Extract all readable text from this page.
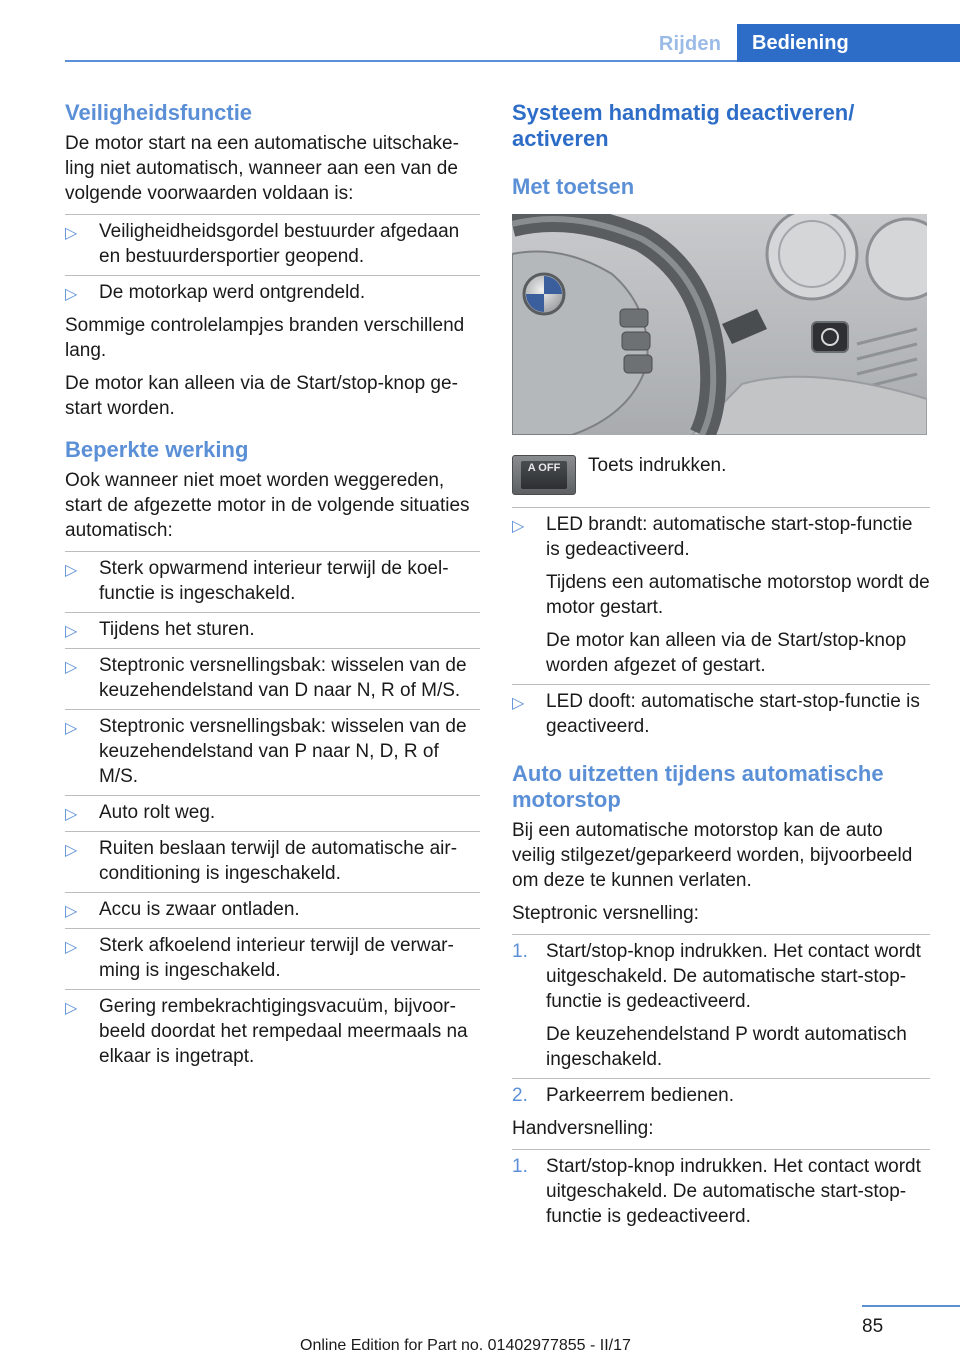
Rijden	Bediening
Veiligheidsfunctie

De motor start na een automatische uitschakeling niet automatisch, wanneer aan een van de volgende voorwaarden voldaan is:

▷ Veiligheidheidsgordel bestuurder afgedaan en bestuurdersportier geopend.
▷ De motorkap werd ontgrendeld.

Sommige controlelampjes branden verschillend lang.

De motor kan alleen via de Start/stop-knop gestart worden.

Beperkte werking

Ook wanneer niet moet worden weggereden, start de afgezette motor in de volgende situaties automatisch:

▷ Sterk opwarmend interieur terwijl de koelfunctie is ingeschakeld.
▷ Tijdens het sturen.
▷ Steptronic versnellingsbak: wisselen van de keuzehendelstand van D naar N, R of M/S.
▷ Steptronic versnellingsbak: wisselen van de keuzehendelstand van P naar N, D, R of M/S.
▷ Auto rolt weg.
▷ Ruiten beslaan terwijl de automatische airconditioning is ingeschakeld.
▷ Accu is zwaar ontladen.
▷ Sterk afkoelend interieur terwijl de verwarming is ingeschakeld.
▷ Gering rembekrachtigingsvacuüm, bijvoorbeeld doordat het rempedaal meermaals na elkaar is ingetrapt.
Systeem handmatig deactiveren/ activeren
Met toetsen
A OFF	Toets indrukken.

▷ LED brandt: automatische start-stop-functie is gedeactiveerd.

Tijdens een automatische motorstop wordt de motor gestart.

De motor kan alleen via de Start/stop-knop worden afgezet of gestart.

▷ LED dooft: automatische start-stop-functie is geactiveerd.
Auto uitzetten tijdens automatische motorstop

Bij een automatische motorstop kan de auto veilig stilgezet/geparkeerd worden, bijvoorbeeld om deze te kunnen verlaten.

Steptronic versnelling:

1. Start/stop-knop indrukken. Het contact wordt uitgeschakeld. De automatische start-stop-functie is gedeactiveerd.

De keuzehendelstand P wordt automatisch ingeschakeld.

2. Parkeerrem bedienen.

Handversnelling:

1. Start/stop-knop indrukken. Het contact wordt uitgeschakeld. De automatische start-stop-functie is gedeactiveerd.
85
Online Edition for Part no. 01402977855 - II/17
